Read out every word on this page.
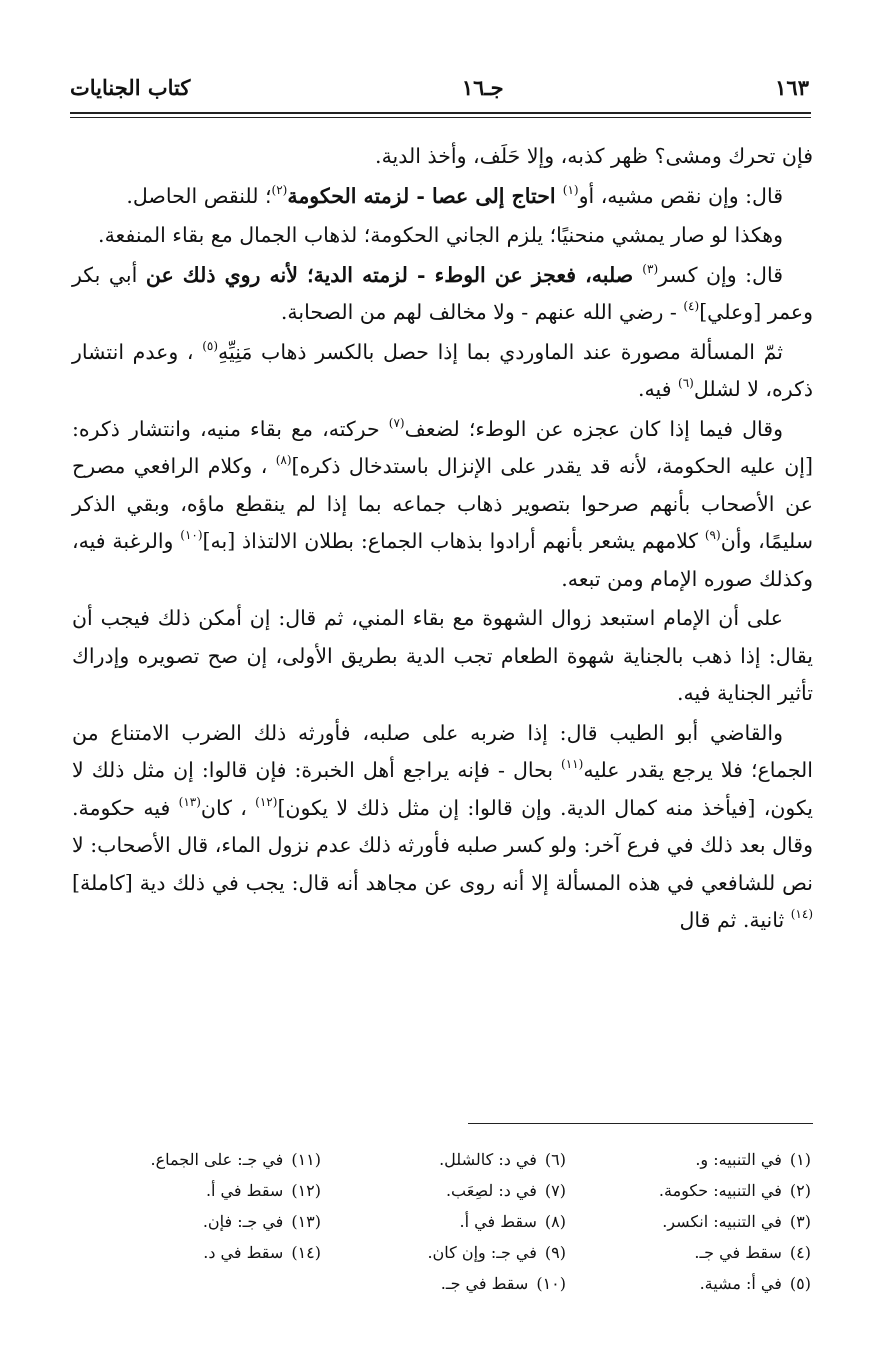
١٦٣
جـ١٦
كتاب الجنايات

فإن تحرك ومشى؟ ظهر كذبه، وإلا حَلَف، وأخذ الدية.

قال: وإن نقص مشيه، أو$^{(١)}$ احتاج إلى عصا - لزمته الحكومة$^{(٢)}$؛ للنقص الحاصل.

وهكذا لو صار يمشي منحنيًا؛ يلزم الجاني الحكومة؛ لذهاب الجمال مع بقاء المنفعة.

قال: وإن كسر$^{(٣)}$ صلبه، فعجز عن الوطء - لزمته الدية؛ لأنه روي ذلك عن أبي بكر وعمر [وعلي]$^{(٤)}$ - رضي الله عنهم - ولا مخالف لهم من الصحابة.

ثمّ المسألة مصورة عند الماوردي بما إذا حصل بالكسر ذهاب مَنِيِّهِ$^{(٥)}$ ، وعدم انتشار ذكره، لا لشلل$^{(٦)}$ فيه.

وقال فيما إذا كان عجزه عن الوطء؛ لضعف$^{(٧)}$ حركته، مع بقاء منيه، وانتشار ذكره: [إن عليه الحكومة، لأنه قد يقدر على الإنزال باستدخال ذكره]$^{(٨)}$ ، وكلام الرافعي مصرح عن الأصحاب بأنهم صرحوا بتصوير ذهاب جماعه بما إذا لم ينقطع ماؤه، وبقي الذكر سليمًا، وأن$^{(٩)}$ كلامهم يشعر بأنهم أرادوا بذهاب الجماع: بطلان الالتذاذ [به]$^{(١٠)}$ والرغبة فيه، وكذلك صوره الإمام ومن تبعه.

على أن الإمام استبعد زوال الشهوة مع بقاء المني، ثم قال: إن أمكن ذلك فيجب أن يقال: إذا ذهب بالجناية شهوة الطعام تجب الدية بطريق الأولى، إن صح تصويره وإدراك تأثير الجناية فيه.

والقاضي أبو الطيب قال: إذا ضربه على صلبه، فأورثه ذلك الضرب الامتناع من الجماع؛ فلا يرجع يقدر عليه$^{(١١)}$ بحال - فإنه يراجع أهل الخبرة: فإن قالوا: إن مثل ذلك لا يكون، [فيأخذ منه كمال الدية. وإن قالوا: إن مثل ذلك لا يكون]$^{(١٢)}$ ، كان$^{(١٣)}$ فيه حكومة. وقال بعد ذلك في فرع آخر: ولو كسر صلبه فأورثه ذلك عدم نزول الماء، قال الأصحاب: لا نص للشافعي في هذه المسألة إلا أنه روى عن مجاهد أنه قال: يجب في ذلك دية [كاملة]$^{(١٤)}$ ثانية. ثم قال

(١)في التنبيه: و.
(٢)في التنبيه: حكومة.
(٣)في التنبيه: انكسر.
(٤)سقط في جـ.
(٥)في أ: مشية.
(٦)في د: كالشلل.
(٧)في د: لصِعَب.
(٨)سقط في أ.
(٩)في جـ: وإن كان.
(١٠)سقط في جـ.
(١١)في جـ: على الجماع.
(١٢)سقط في أ.
(١٣)في جـ: فإن.
(١٤)سقط في د.
